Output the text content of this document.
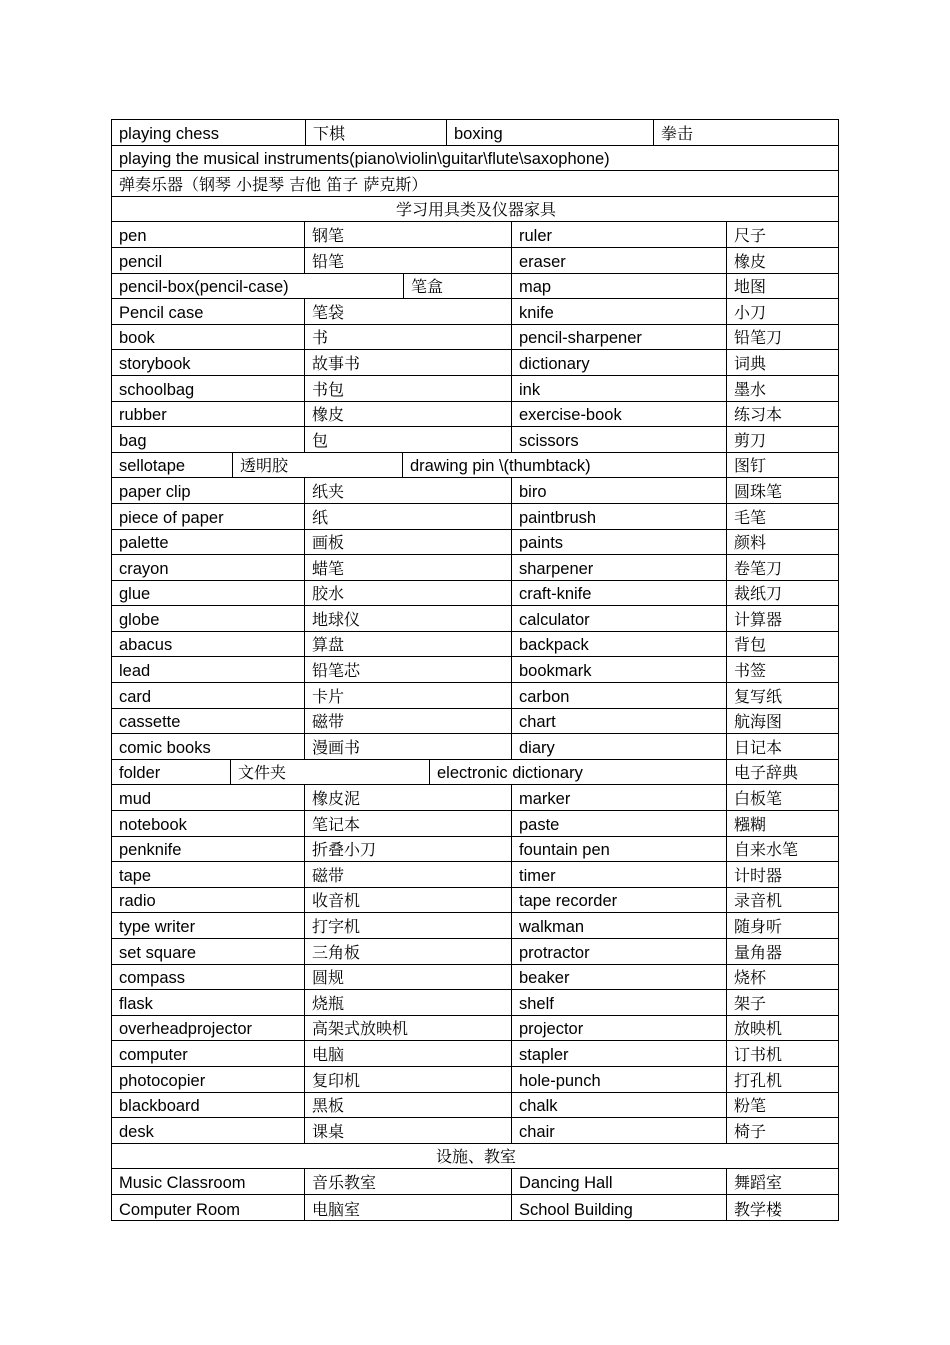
playing chess	下棋	boxing	拳击
playing the musical instruments(piano\violin\guitar\flute\saxophone)
弹奏乐器（钢琴 小提琴 吉他 笛子 萨克斯）
学习用具类及仪器家具
pen	钢笔	ruler	尺子
pencil	铅笔	eraser	橡皮
pencil-box(pencil-case)	笔盒	map	地图
Pencil case	笔袋	knife	小刀
book	书	pencil-sharpener	铅笔刀
storybook	故事书	dictionary	词典
schoolbag	书包	ink	墨水
rubber	橡皮	exercise-book	练习本
bag	包	scissors	剪刀
sellotape	透明胶	drawing pin \(thumbtack)	图钉
paper clip	纸夹	biro	圆珠笔
piece of paper	纸	paintbrush	毛笔
palette	画板	paints	颜料
crayon	蜡笔	sharpener	卷笔刀
glue	胶水	craft-knife	裁纸刀
globe	地球仪	calculator	计算器
abacus	算盘	backpack	背包
lead	铅笔芯	bookmark	书签
card	卡片	carbon	复写纸
cassette	磁带	chart	航海图
comic books	漫画书	diary	日记本
folder	文件夹	electronic dictionary	电子辞典
mud	橡皮泥	marker	白板笔
notebook	笔记本	paste	糨糊
penknife	折叠小刀	fountain pen	自来水笔
tape	磁带	timer	计时器
radio	收音机	tape recorder	录音机
type writer	打字机	walkman	随身听
set square	三角板	protractor	量角器
compass	圆规	beaker	烧杯
flask	烧瓶	shelf	架子
overheadprojector	高架式放映机	projector	放映机
computer	电脑	stapler	订书机
photocopier	复印机	hole-punch	打孔机
blackboard	黑板	chalk	粉笔
desk	课桌	chair	椅子
设施、教室
Music Classroom	音乐教室	Dancing Hall	舞蹈室
Computer Room	电脑室	School Building	教学楼
